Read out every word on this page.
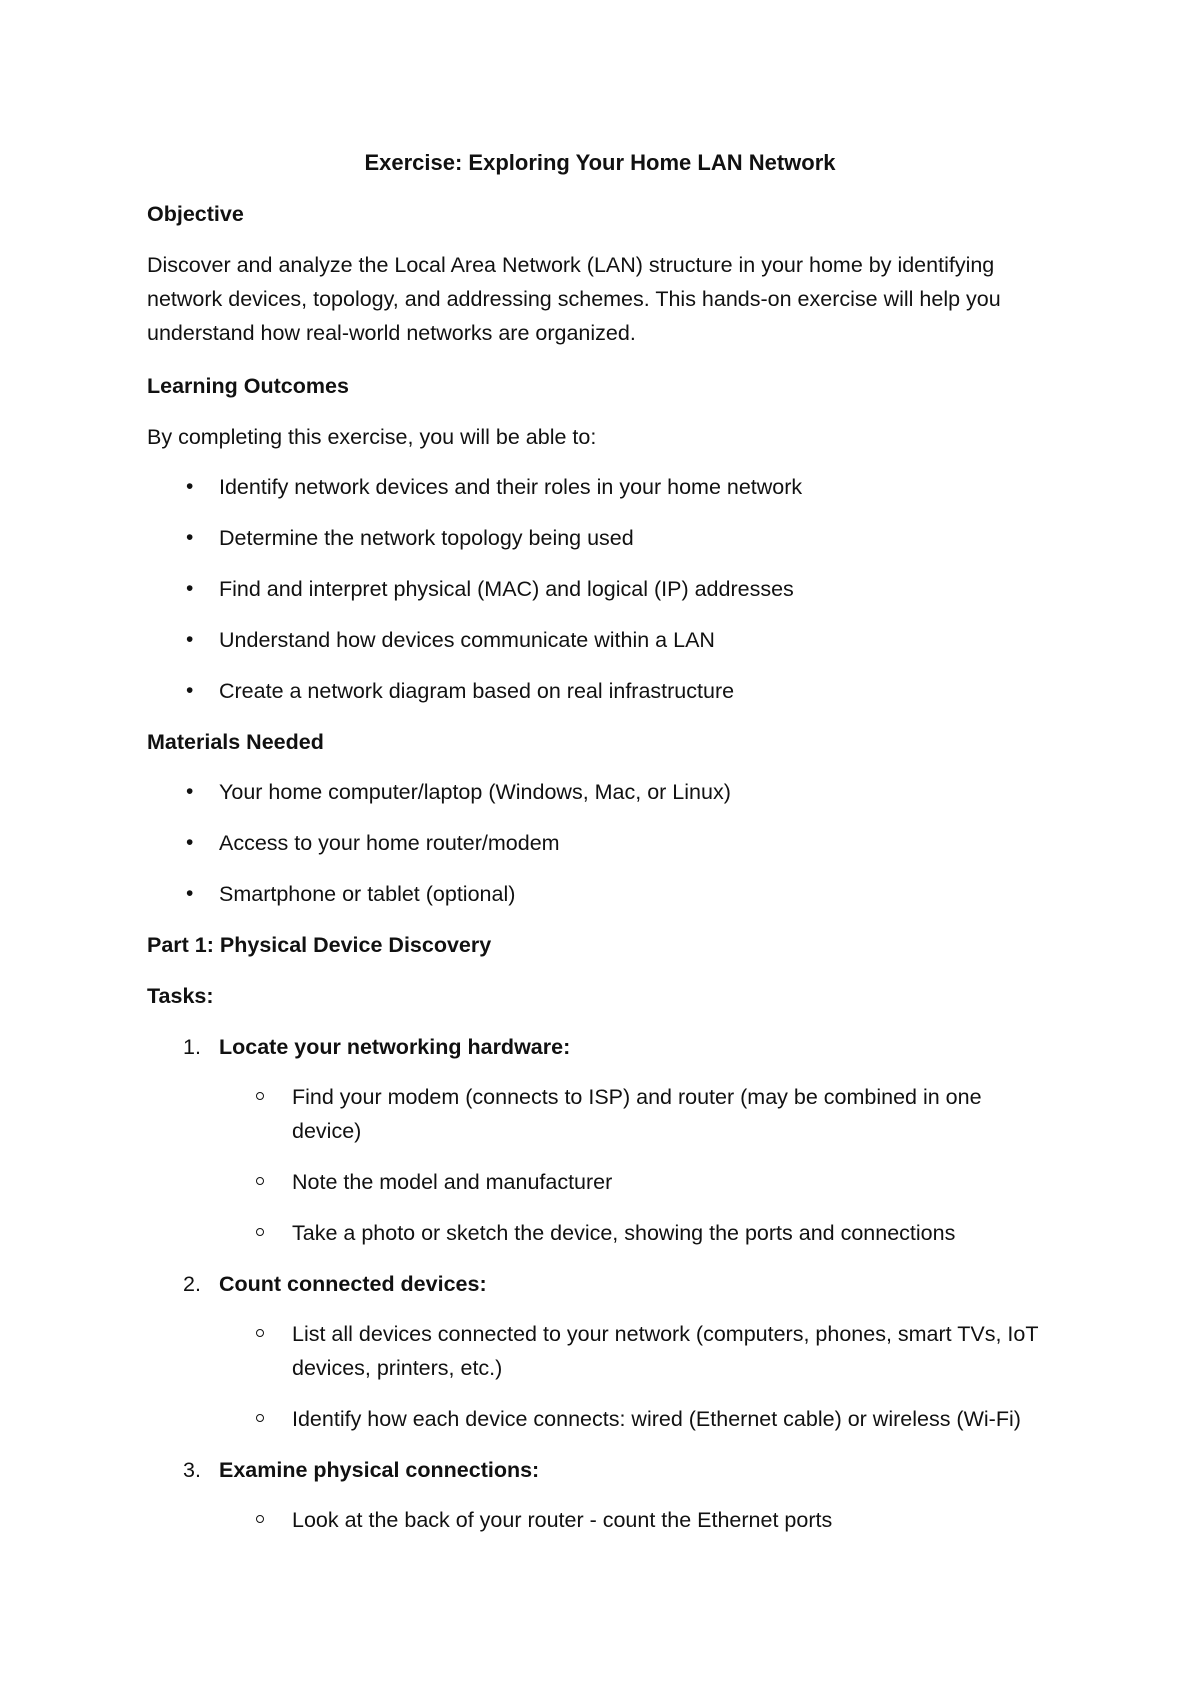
Exercise: Exploring Your Home LAN Network
Objective
Discover and analyze the Local Area Network (LAN) structure in your home by identifying
network devices, topology, and addressing schemes. This hands-on exercise will help you
understand how real-world networks are organized.
Learning Outcomes
By completing this exercise, you will be able to:
• Identify network devices and their roles in your home network
• Determine the network topology being used
• Find and interpret physical (MAC) and logical (IP) addresses
• Understand how devices communicate within a LAN
• Create a network diagram based on real infrastructure
Materials Needed
• Your home computer/laptop (Windows, Mac, or Linux)
• Access to your home router/modem
• Smartphone or tablet (optional)
Part 1: Physical Device Discovery
Tasks:
1. Locate your networking hardware:
Find your modem (connects to ISP) and router (may be combined in one
device)
Note the model and manufacturer
Take a photo or sketch the device, showing the ports and connections
2. Count connected devices:
List all devices connected to your network (computers, phones, smart TVs, IoT
devices, printers, etc.)
Identify how each device connects: wired (Ethernet cable) or wireless (Wi-Fi)
3. Examine physical connections:
Look at the back of your router - count the Ethernet ports
